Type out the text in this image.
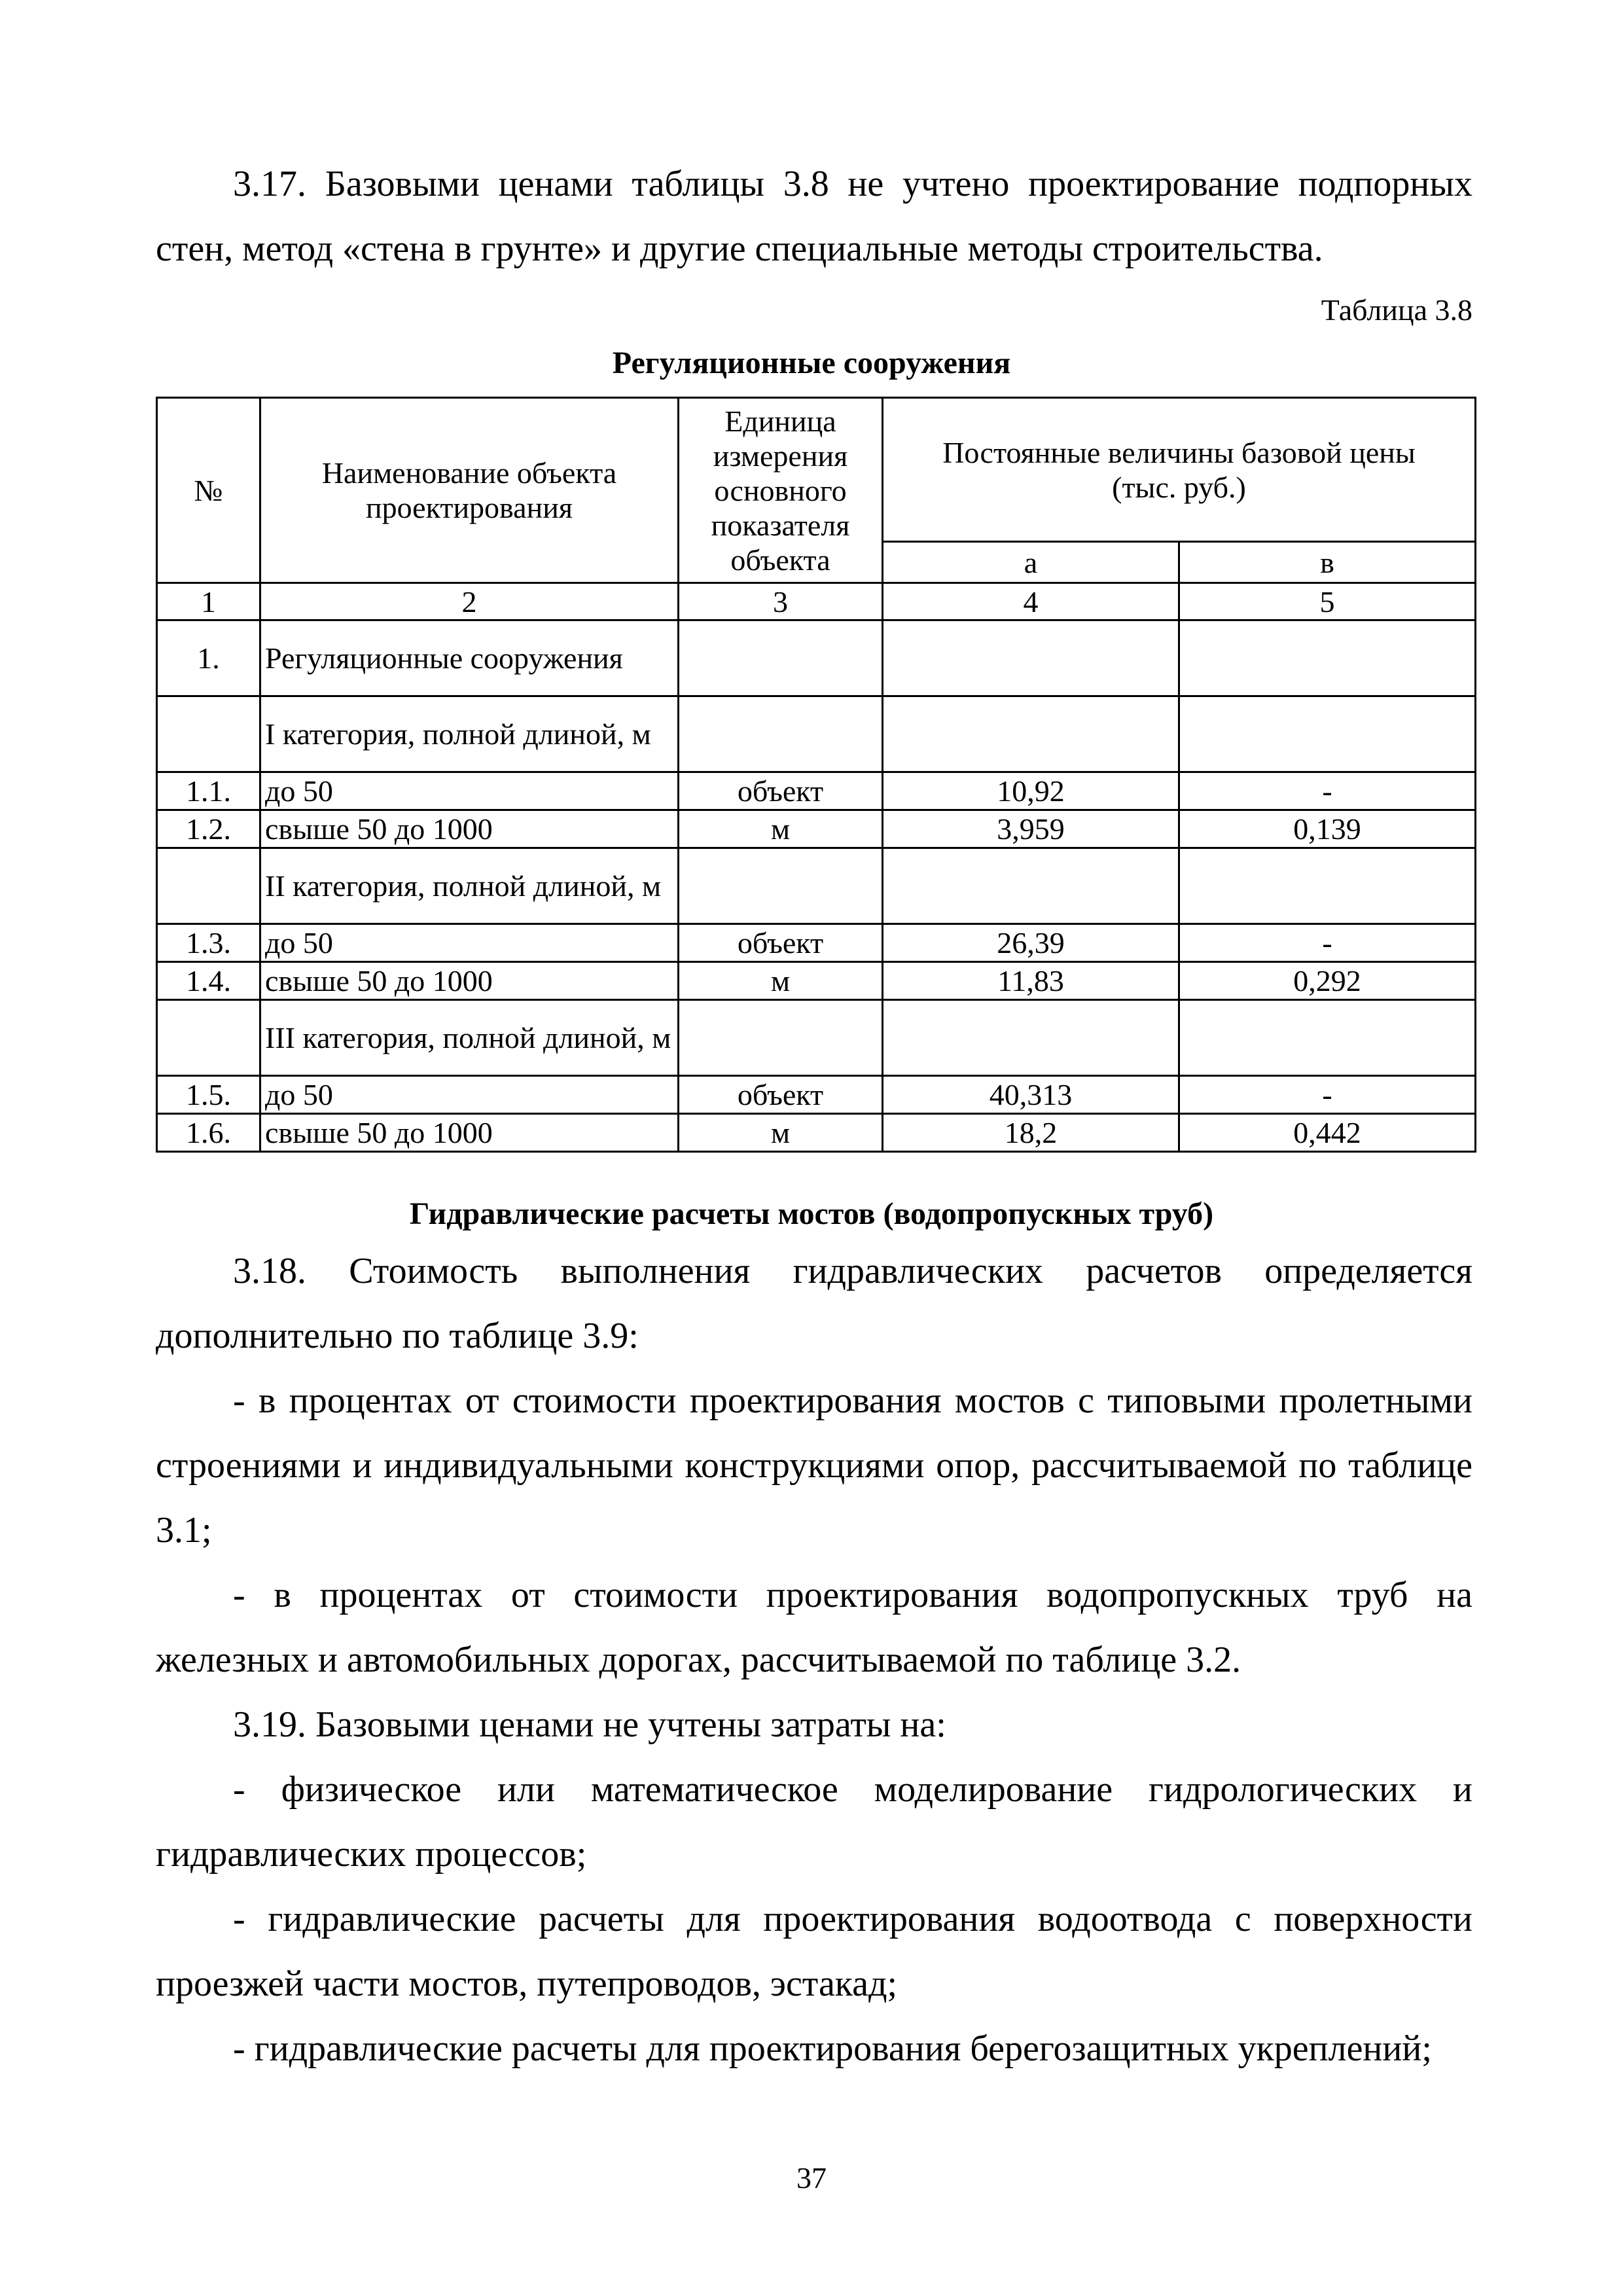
3.17. Базовыми ценами таблицы 3.8 не учтено проектирование подпорных стен, метод «стена в грунте» и другие специальные методы строительства.

Таблица 3.8
Регуляционные сооружения
№	Наименование объекта проектирования	Единица измерения основного показателя объекта	Постоянные величины базовой цены (тыс. руб.)	
			а	в
1	2	3	4	5
1.	Регуляционные сооружения			
	I категория, полной длиной, м			
1.1.	до 50	объект	10,92	-
1.2.	свыше 50 до 1000	м	3,959	0,139
	II категория, полной длиной, м			
1.3.	до 50	объект	26,39	-
1.4.	свыше 50 до 1000	м	11,83	0,292
	III категория, полной длиной, м			
1.5.	до 50	объект	40,313	-
1.6.	свыше 50 до 1000	м	18,2	0,442
Гидравлические расчеты мостов (водопропускных труб)

3.18. Стоимость выполнения гидравлических расчетов определяется дополнительно по таблице 3.9:

- в процентах от стоимости проектирования мостов с типовыми пролетными строениями и индивидуальными конструкциями опор, рассчитываемой по таблице 3.1;

- в процентах от стоимости проектирования водопропускных труб на железных и автомобильных дорогах, рассчитываемой по таблице 3.2.

3.19. Базовыми ценами не учтены затраты на:

- физическое или математическое моделирование гидрологических и гидравлических процессов;

- гидравлические расчеты для проектирования водоотвода с поверхности проезжей части мостов, путепроводов, эстакад;

- гидравлические расчеты для проектирования берегозащитных укреплений;

37
